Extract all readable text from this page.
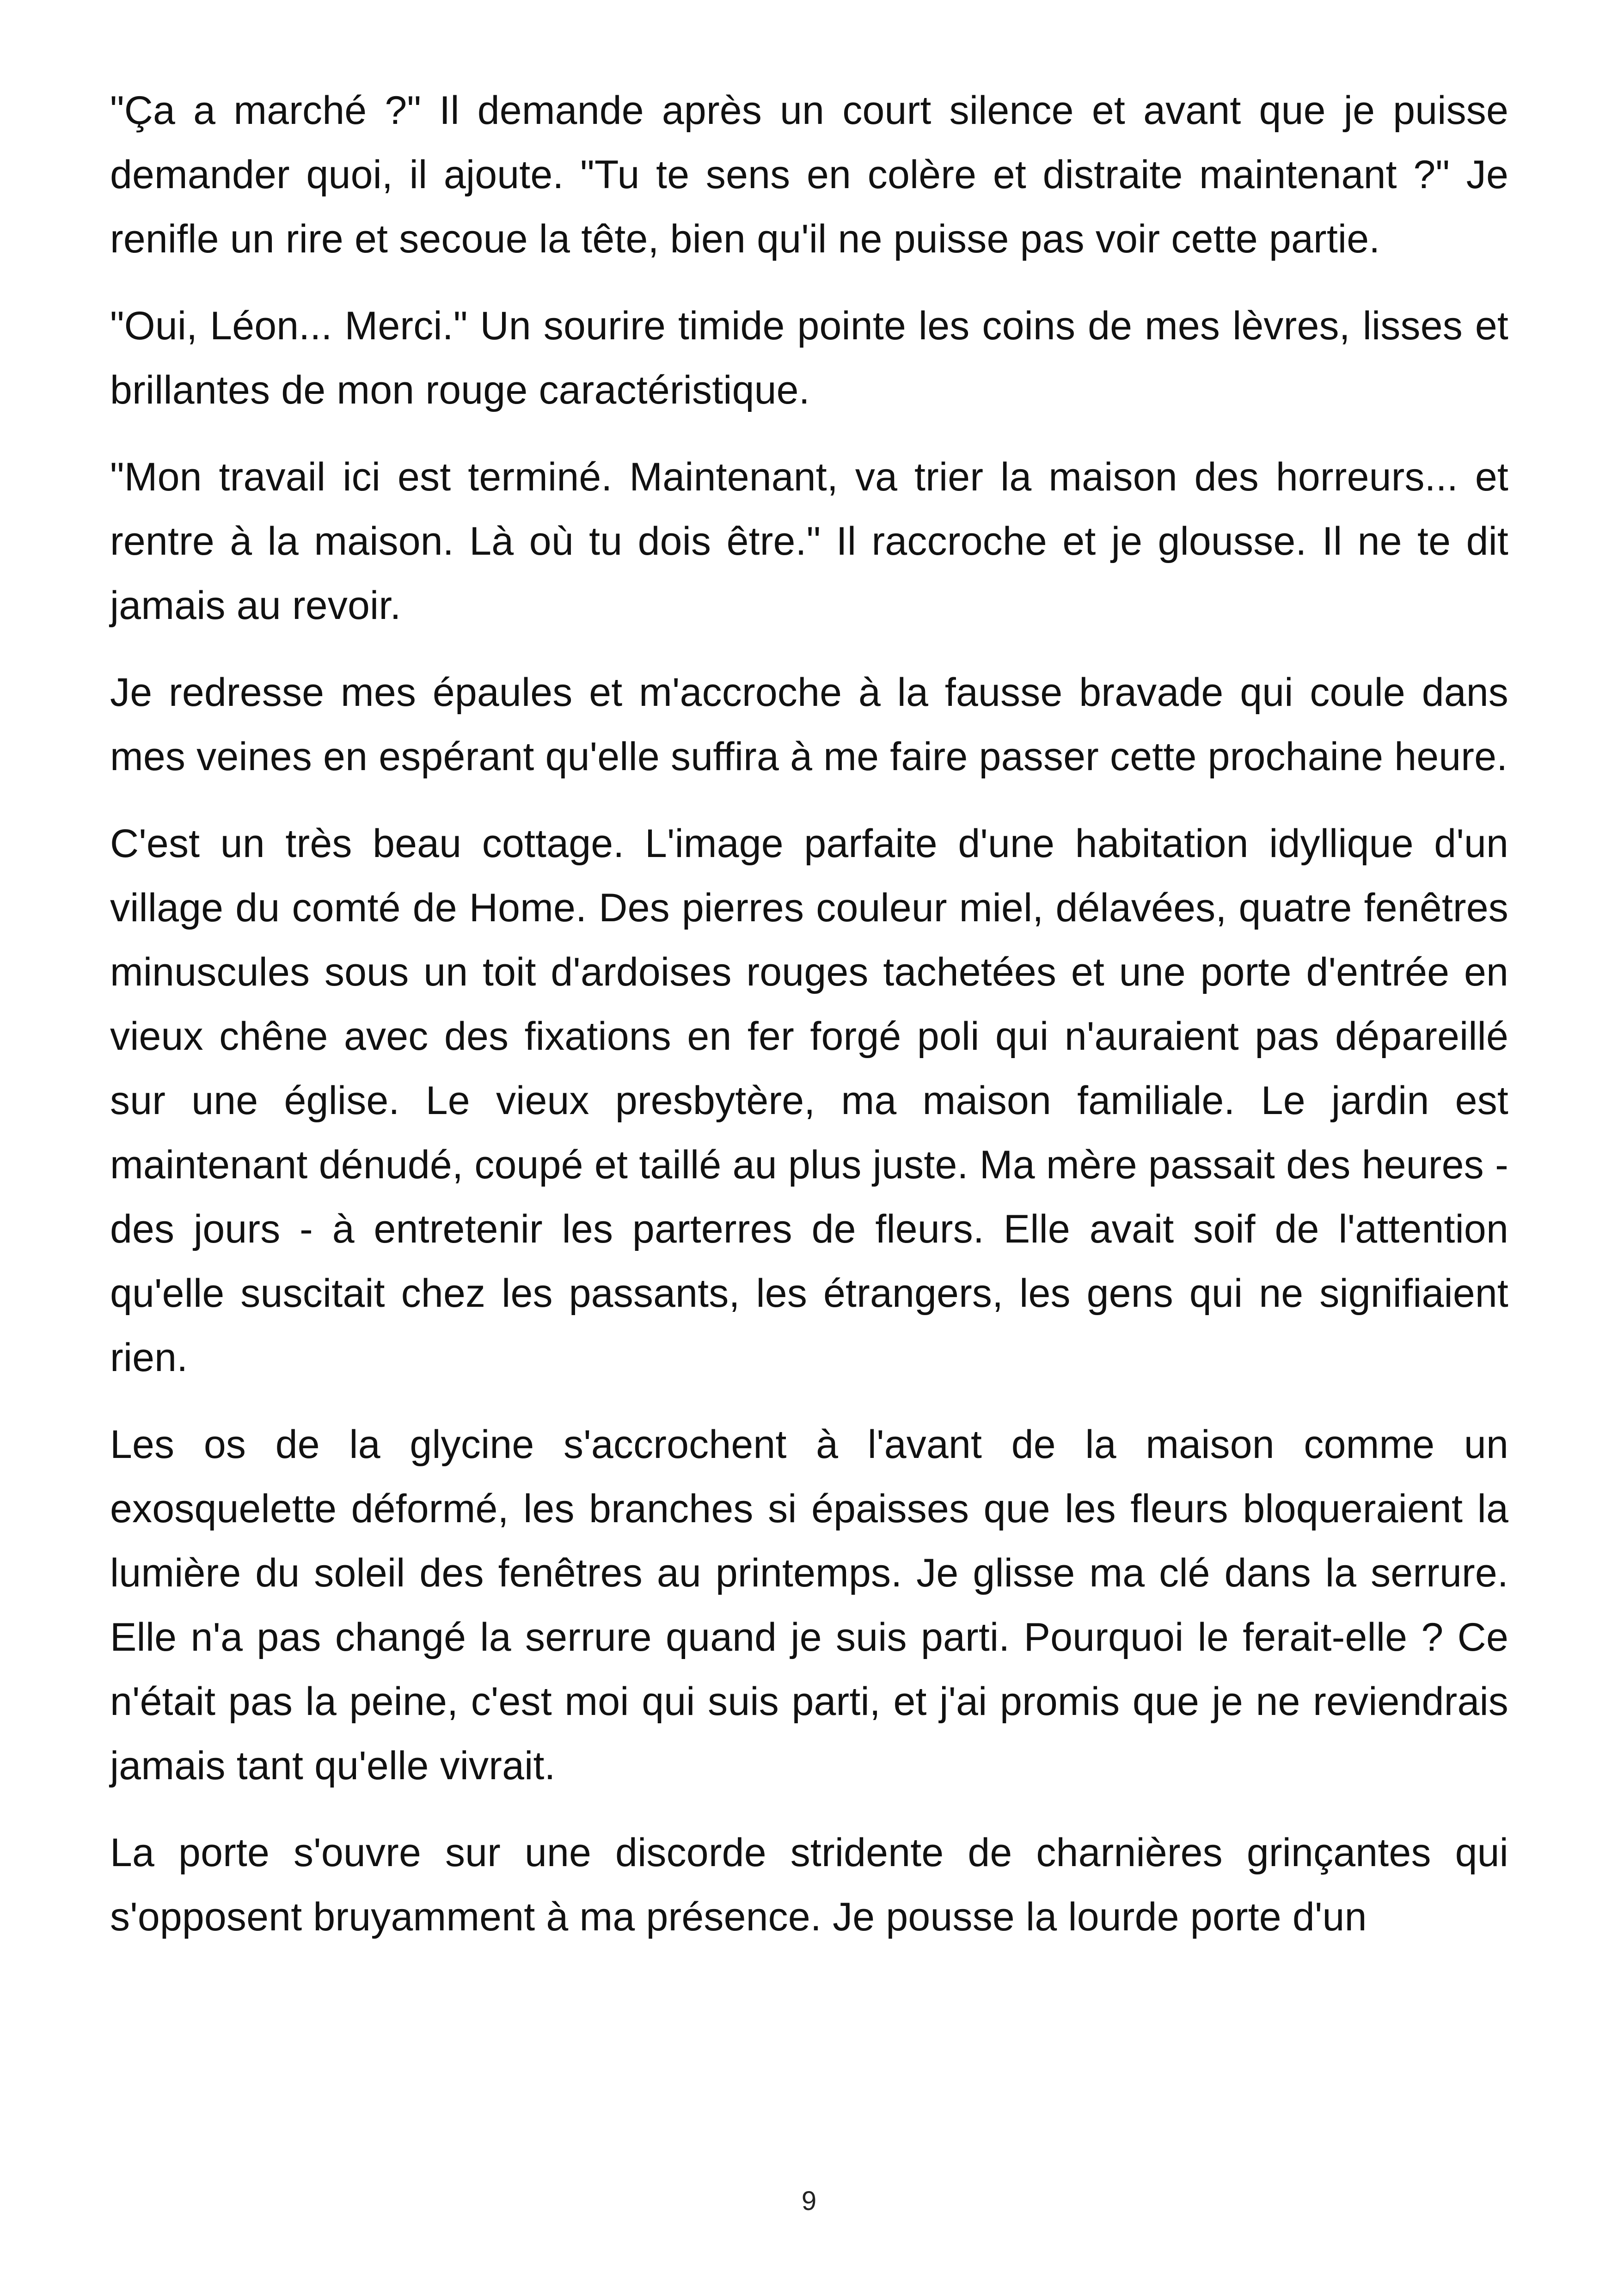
"Ça a marché ?" Il demande après un court silence et avant que je puisse demander quoi, il ajoute. "Tu te sens en colère et distraite maintenant ?" Je renifle un rire et secoue la tête, bien qu'il ne puisse pas voir cette partie.

"Oui, Léon... Merci." Un sourire timide pointe les coins de mes lèvres, lisses et brillantes de mon rouge caractéristique.

"Mon travail ici est terminé. Maintenant, va trier la maison des horreurs... et rentre à la maison. Là où tu dois être." Il raccroche et je glousse. Il ne te dit jamais au revoir.

Je redresse mes épaules et m'accroche à la fausse bravade qui coule dans mes veines en espérant qu'elle suffira à me faire passer cette prochaine heure.

C'est un très beau cottage. L'image parfaite d'une habitation idyllique d'un village du comté de Home. Des pierres couleur miel, délavées, quatre fenêtres minuscules sous un toit d'ardoises rouges tachetées et une porte d'entrée en vieux chêne avec des fixations en fer forgé poli qui n'auraient pas dépareillé sur une église. Le vieux presbytère, ma maison familiale. Le jardin est maintenant dénudé, coupé et taillé au plus juste. Ma mère passait des heures - des jours - à entretenir les parterres de fleurs. Elle avait soif de l'attention qu'elle suscitait chez les passants, les étrangers, les gens qui ne signifiaient rien.

Les os de la glycine s'accrochent à l'avant de la maison comme un exosquelette déformé, les branches si épaisses que les fleurs bloqueraient la lumière du soleil des fenêtres au printemps. Je glisse ma clé dans la serrure. Elle n'a pas changé la serrure quand je suis parti. Pourquoi le ferait-elle ? Ce n'était pas la peine, c'est moi qui suis parti, et j'ai promis que je ne reviendrais jamais tant qu'elle vivrait.

La porte s'ouvre sur une discorde stridente de charnières grinçantes qui s'opposent bruyamment à ma présence. Je pousse la lourde porte d'un

9
